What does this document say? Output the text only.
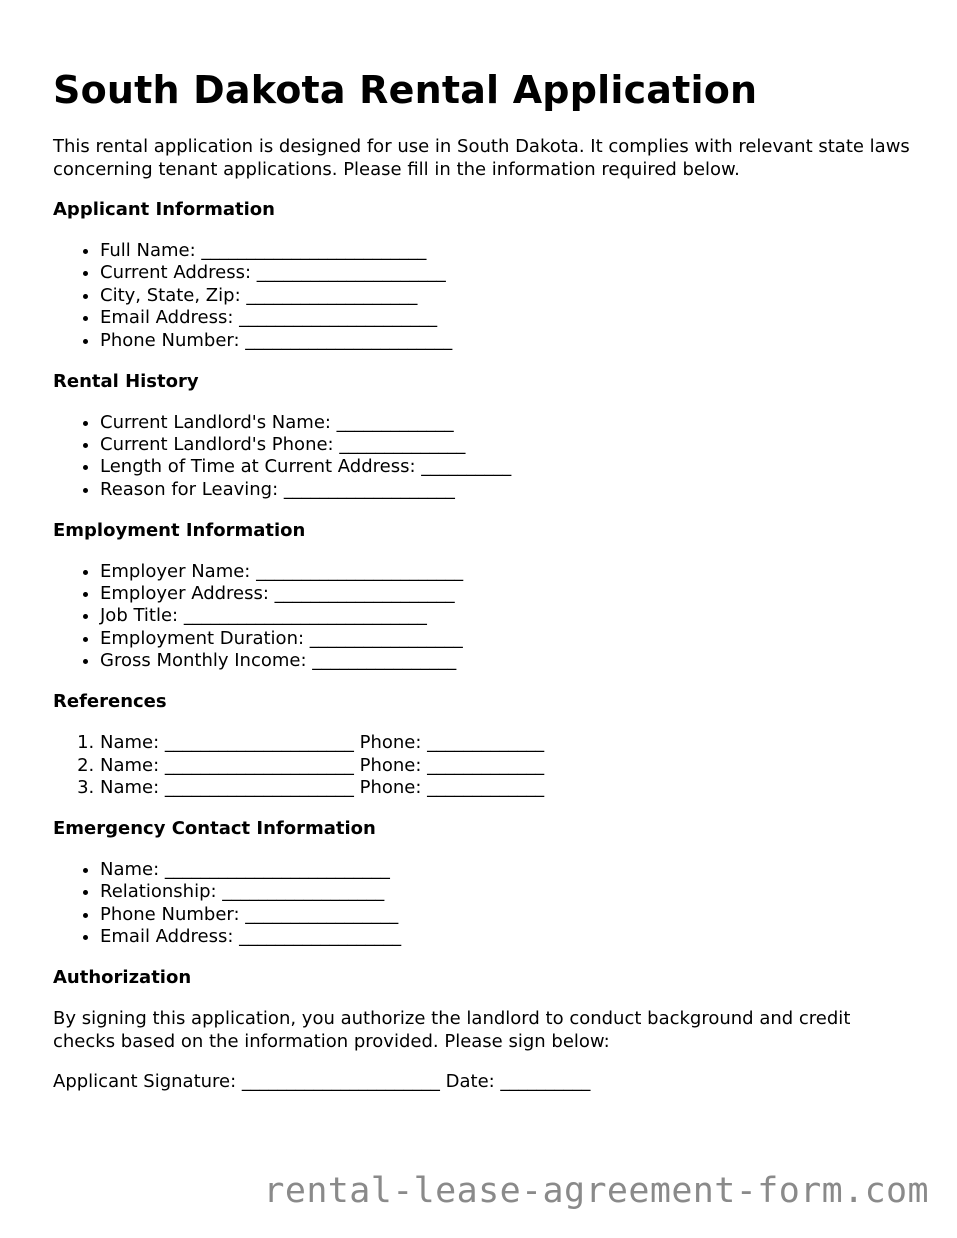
South Dakota Rental Application

This rental application is designed for use in South Dakota. It complies with relevant state laws concerning tenant applications. Please fill in the information required below.

Applicant Information
• Full Name: _________________________
• Current Address: _____________________
• City, State, Zip: ___________________
• Email Address: ______________________
• Phone Number: _______________________
Rental History
• Current Landlord's Name: _____________
• Current Landlord's Phone: ______________
• Length of Time at Current Address: __________
• Reason for Leaving: ___________________
Employment Information
• Employer Name: _______________________
• Employer Address: ____________________
• Job Title: ___________________________
• Employment Duration: _________________
• Gross Monthly Income: ________________
References
1. Name: _____________________ Phone: _____________
2. Name: _____________________ Phone: _____________
3. Name: _____________________ Phone: _____________
Emergency Contact Information
• Name: _________________________
• Relationship: __________________
• Phone Number: _________________
• Email Address: __________________
Authorization

By signing this application, you authorize the landlord to conduct background and credit checks based on the information provided. Please sign below:

Applicant Signature: ______________________ Date: __________
rental-lease-agreement-form.com
